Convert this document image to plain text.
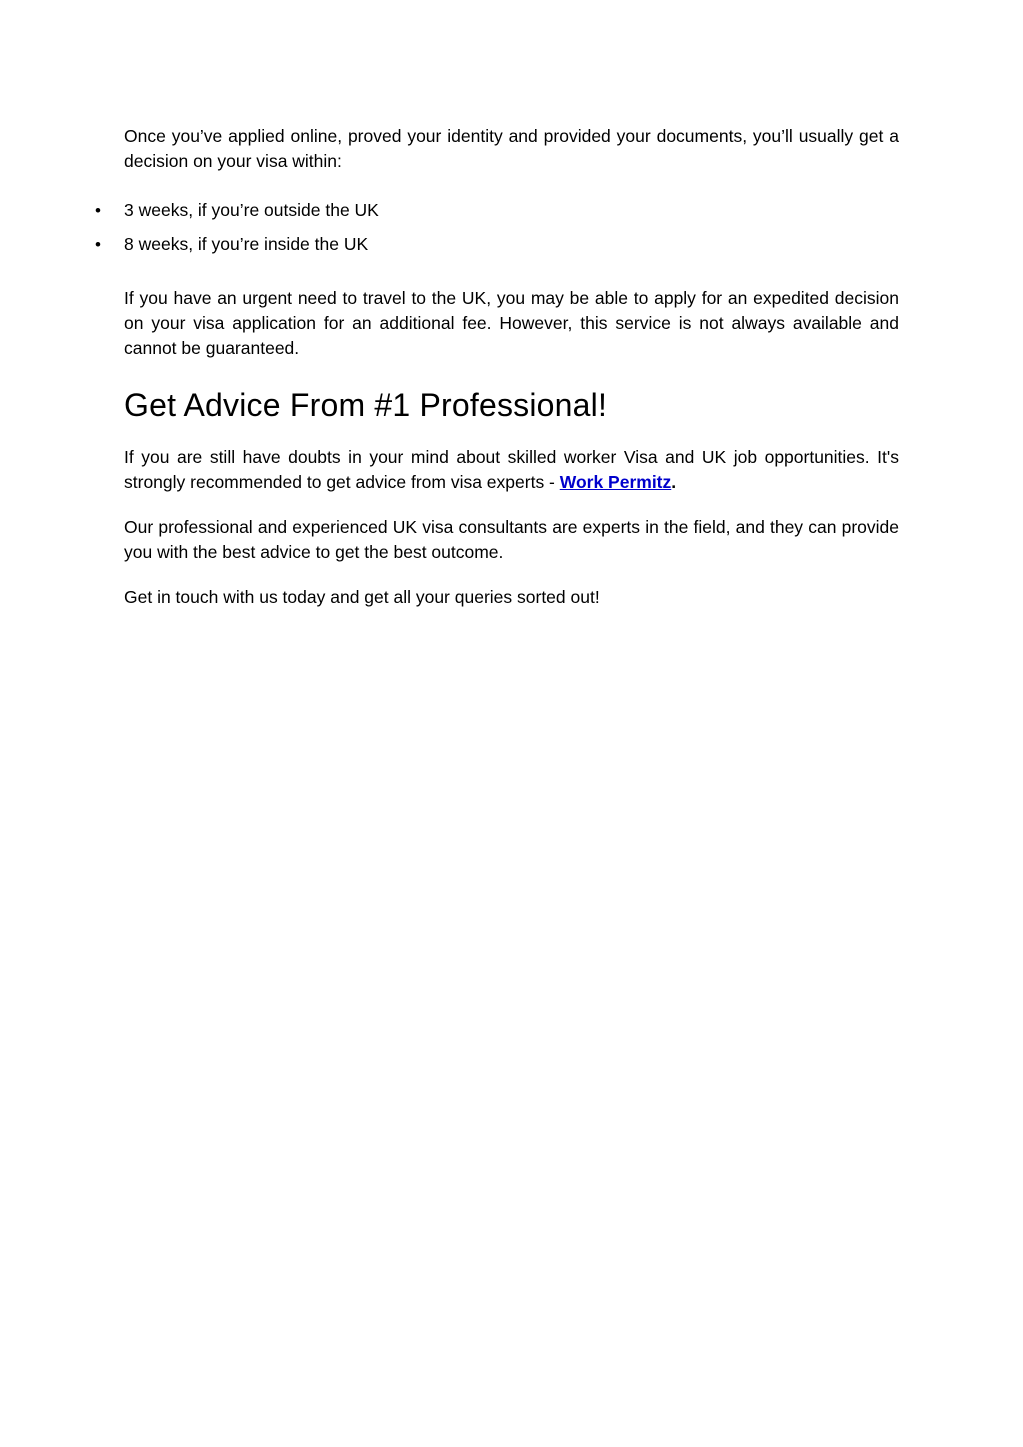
Once you’ve applied online, proved your identity and provided your documents, you’ll usually get a decision on your visa within:

• 3 weeks, if you’re outside the UK
• 8 weeks, if you’re inside the UK

If you have an urgent need to travel to the UK, you may be able to apply for an expedited decision on your visa application for an additional fee. However, this service is not always available and cannot be guaranteed.

Get Advice From #1 Professional!

If you are still have doubts in your mind about skilled worker Visa and UK job opportunities. It's strongly recommended to get advice from visa experts - Work Permitz.

Our professional and experienced UK visa consultants are experts in the field, and they can provide you with the best advice to get the best outcome.

Get in touch with us today and get all your queries sorted out!
